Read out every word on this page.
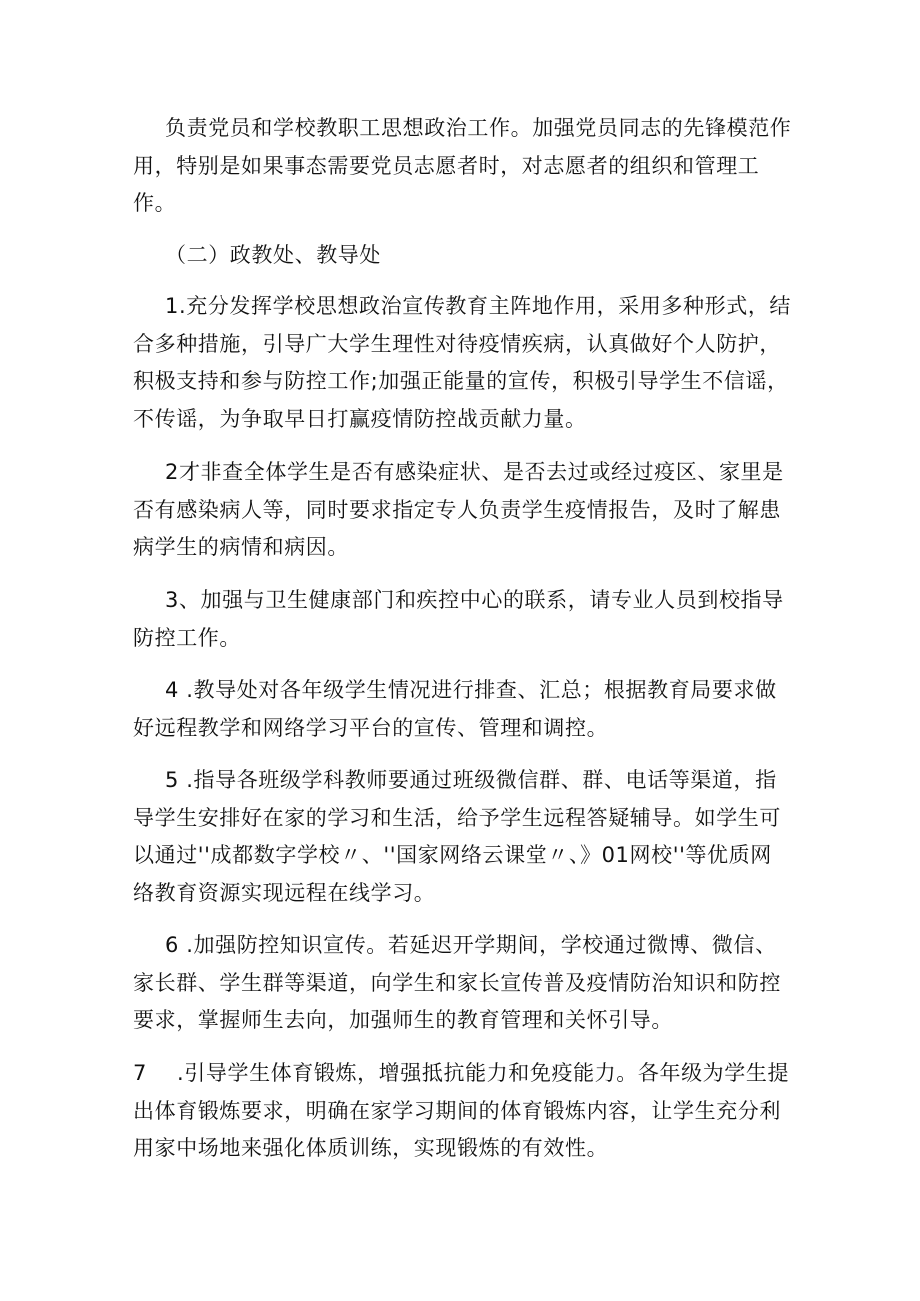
负责党员和学校教职工思想政治工作。加强党员同志的先锋模范作用，特别是如果事态需要党员志愿者时，对志愿者的组织和管理工作。

（二）政教处、教导处

1.充分发挥学校思想政治宣传教育主阵地作用，采用多种形式，结合多种措施，引导广大学生理性对待疫情疾病，认真做好个人防护，积极支持和参与防控工作;加强正能量的宣传，积极引导学生不信谣，不传谣，为争取早日打赢疫情防控战贡献力量。

2才非查全体学生是否有感染症状、是否去过或经过疫区、家里是否有感染病人等，同时要求指定专人负责学生疫情报告，及时了解患病学生的病情和病因。

3、加强与卫生健康部门和疾控中心的联系，请专业人员到校指导防控工作。

4 .教导处对各年级学生情况进行排查、汇总；根据教育局要求做好远程教学和网络学习平台的宣传、管理和调控。

5 .指导各班级学科教师要通过班级微信群、群、电话等渠道，指导学生安排好在家的学习和生活，给予学生远程答疑辅导。如学生可以通过''成都数字学校〃、''国家网络云课堂〃、》01网校''等优质网络教育资源实现远程在线学习。

6 .加强防控知识宣传。若延迟开学期间，学校通过微博、微信、家长群、学生群等渠道，向学生和家长宣传普及疫情防治知识和防控要求，掌握师生去向，加强师生的教育管理和关怀引导。

7 .引导学生体育锻炼，增强抵抗能力和免疫能力。各年级为学生提出体育锻炼要求，明确在家学习期间的体育锻炼内容，让学生充分利用家中场地来强化体质训练，实现锻炼的有效性。
